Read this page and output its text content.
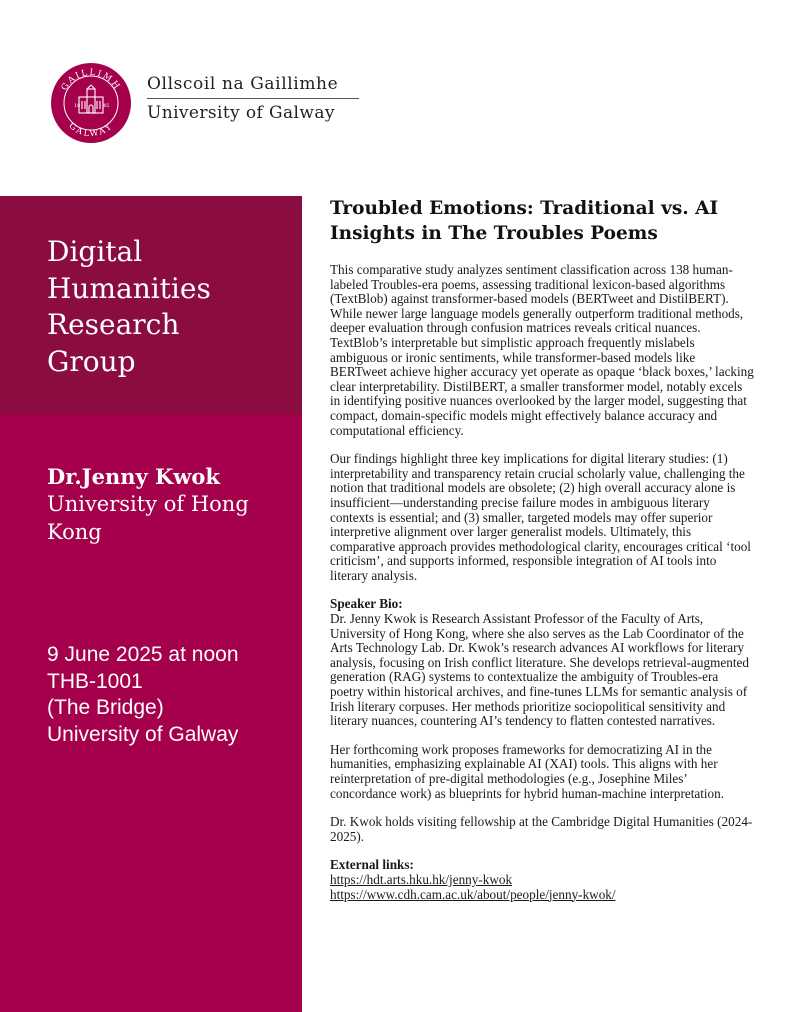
GAILLIMH
GALWAY
18	45
Ollscoil na Gaillimhe
University of Galway
Digital
Humanities
Research
Group
Dr.Jenny Kwok
University of Hong Kong
9 June 2025 at noon
THB-1001
(The Bridge)
University of Galway
Troubled Emotions: Traditional vs. AI Insights in The Troubles Poems

This comparative study analyzes sentiment classification across 138 human-labeled Troubles-era poems, assessing traditional lexicon-based algorithms (TextBlob) against transformer-based models (BERTweet and DistilBERT). While newer large language models generally outperform traditional methods, deeper evaluation through confusion matrices reveals critical nuances. TextBlob’s interpretable but simplistic approach frequently mislabels ambiguous or ironic sentiments, while transformer-based models like BERTweet achieve higher accuracy yet operate as opaque ‘black boxes,’ lacking clear interpretability. DistilBERT, a smaller transformer model, notably excels in identifying positive nuances overlooked by the larger model, suggesting that compact, domain-specific models might effectively balance accuracy and computational efficiency.

Our findings highlight three key implications for digital literary studies: (1) interpretability and transparency retain crucial scholarly value, challenging the notion that traditional models are obsolete; (2) high overall accuracy alone is insufficient—understanding precise failure modes in ambiguous literary contexts is essential; and (3) smaller, targeted models may offer superior interpretive alignment over larger generalist models. Ultimately, this comparative approach provides methodological clarity, encourages critical ‘tool criticism’, and supports informed, responsible integration of AI tools into literary analysis.

Speaker Bio:

Dr. Jenny Kwok is Research Assistant Professor of the Faculty of Arts, University of Hong Kong, where she also serves as the Lab Coordinator of the Arts Technology Lab. Dr. Kwok’s research advances AI workflows for literary analysis, focusing on Irish conflict literature. She develops retrieval-augmented generation (RAG) systems to contextualize the ambiguity of Troubles-era poetry within historical archives, and fine-tunes LLMs for semantic analysis of Irish literary corpuses. Her methods prioritize sociopolitical sensitivity and literary nuances, countering AI’s tendency to flatten contested narratives.

Her forthcoming work proposes frameworks for democratizing AI in the humanities, emphasizing explainable AI (XAI) tools. This aligns with her reinterpretation of pre-digital methodologies (e.g., Josephine Miles’ concordance work) as blueprints for hybrid human-machine interpretation.

Dr. Kwok holds visiting fellowship at the Cambridge Digital Humanities (2024-2025).

External links:

https://hdt.arts.hku.hk/jenny-kwok
https://www.cdh.cam.ac.uk/about/people/jenny-kwok/
